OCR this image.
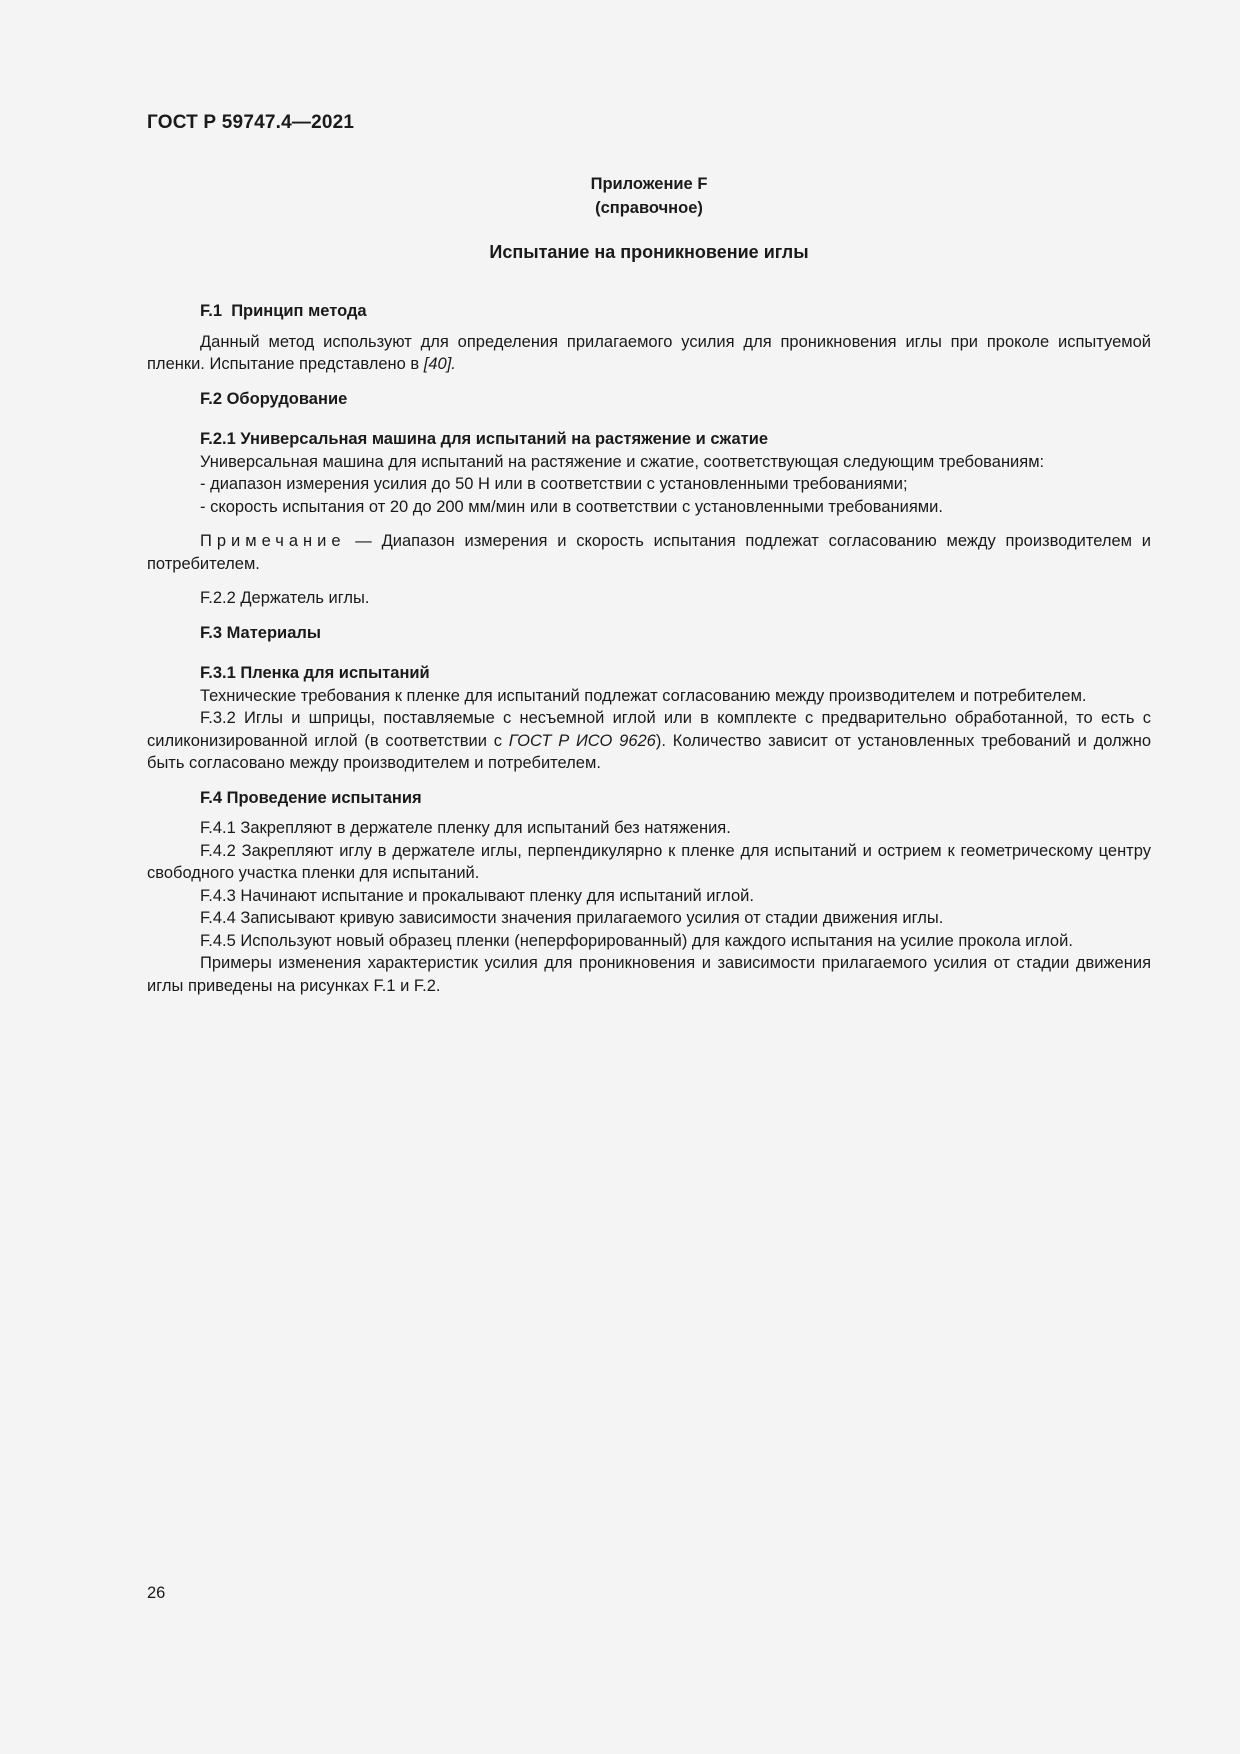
ГОСТ Р 59747.4—2021
Приложение F
(справочное)
Испытание на проникновение иглы

F.1 Принцип метода

Данный метод используют для определения прилагаемого усилия для проникновения иглы при проколе испытуемой пленки. Испытание представлено в [40].

F.2 Оборудование

F.2.1 Универсальная машина для испытаний на растяжение и сжатие

Универсальная машина для испытаний на растяжение и сжатие, соответствующая следующим требованиям:

- диапазон измерения усилия до 50 Н или в соответствии с установленными требованиями;

- скорость испытания от 20 до 200 мм/мин или в соответствии с установленными требованиями.

Примечание — Диапазон измерения и скорость испытания подлежат согласованию между производителем и потребителем.

F.2.2 Держатель иглы.

F.3 Материалы

F.3.1 Пленка для испытаний

Технические требования к пленке для испытаний подлежат согласованию между производителем и потребителем.

F.3.2 Иглы и шприцы, поставляемые с несъемной иглой или в комплекте с предварительно обработанной, то есть с силиконизированной иглой (в соответствии с ГОСТ Р ИСО 9626). Количество зависит от установленных требований и должно быть согласовано между производителем и потребителем.

F.4 Проведение испытания

F.4.1 Закрепляют в держателе пленку для испытаний без натяжения.

F.4.2 Закрепляют иглу в держателе иглы, перпендикулярно к пленке для испытаний и острием к геометрическому центру свободного участка пленки для испытаний.

F.4.3 Начинают испытание и прокалывают пленку для испытаний иглой.

F.4.4 Записывают кривую зависимости значения прилагаемого усилия от стадии движения иглы.

F.4.5 Используют новый образец пленки (неперфорированный) для каждого испытания на усилие прокола иглой.

Примеры изменения характеристик усилия для проникновения и зависимости прилагаемого усилия от стадии движения иглы приведены на рисунках F.1 и F.2.

26
